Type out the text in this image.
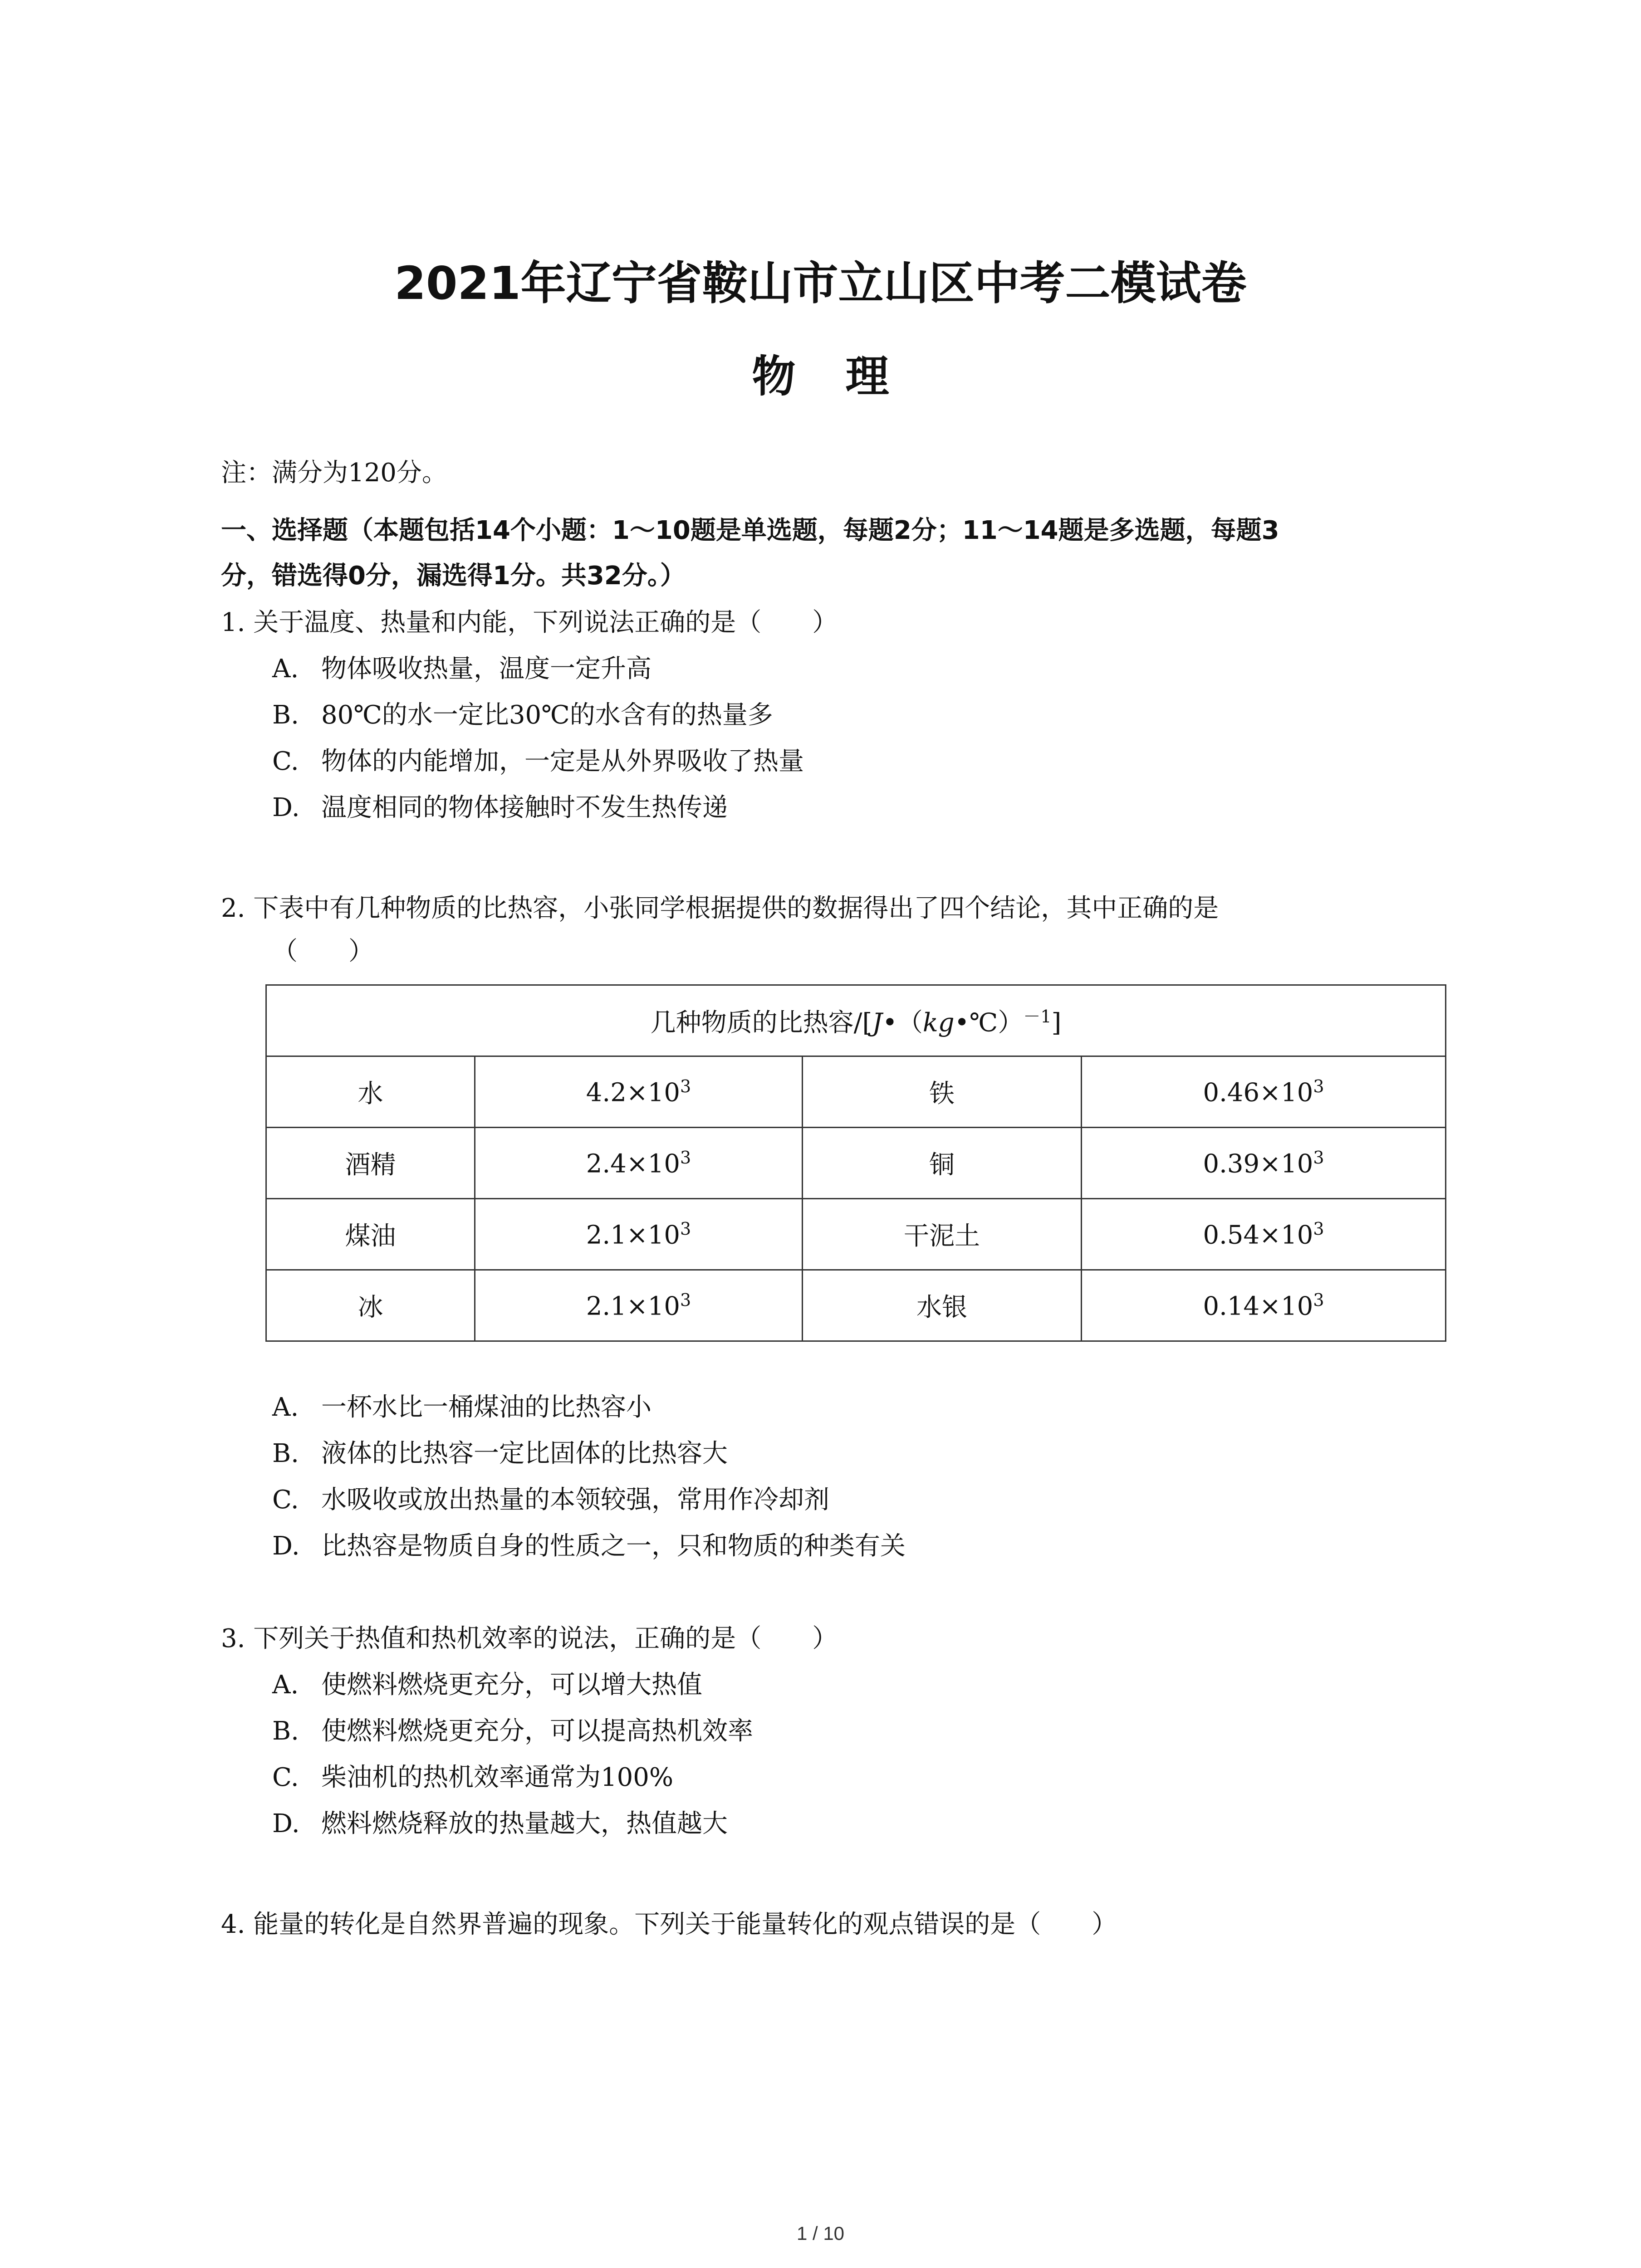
2021年辽宁省鞍山市立山区中考二模试卷
物理
注：满分为120分。
一、选择题（本题包括14个小题：1～10题是单选题，每题2分；11～14题是多选题，每题3
分，错选得0分，漏选得1分。共32分。）
1. 关于温度、热量和内能，下列说法正确的是（　　）
A. 物体吸收热量，温度一定升高
B. 80℃的水一定比30℃的水含有的热量多
C. 物体的内能增加，一定是从外界吸收了热量
D. 温度相同的物体接触时不发生热传递
2. 下表中有几种物质的比热容，小张同学根据提供的数据得出了四个结论，其中正确的是
（　　）
几种物质的比热容/[J•（kg•℃）$^{-1}$]			
水	$4.2\times 10^3$	铁	$0.46\times 10^3$
酒精	$2.4\times 10^3$	铜	$0.39\times 10^3$
煤油	$2.1\times 10^3$	干泥土	$0.54\times 10^3$
冰	$2.1\times 10^3$	水银	$0.14\times 10^3$
A. 一杯水比一桶煤油的比热容小
B. 液体的比热容一定比固体的比热容大
C. 水吸收或放出热量的本领较强，常用作冷却剂
D. 比热容是物质自身的性质之一，只和物质的种类有关
3. 下列关于热值和热机效率的说法，正确的是（　　）
A. 使燃料燃烧更充分，可以增大热值
B. 使燃料燃烧更充分，可以提高热机效率
C. 柴油机的热机效率通常为100%
D. 燃料燃烧释放的热量越大，热值越大
4. 能量的转化是自然界普遍的现象。下列关于能量转化的观点错误的是（　　）
1 / 10
